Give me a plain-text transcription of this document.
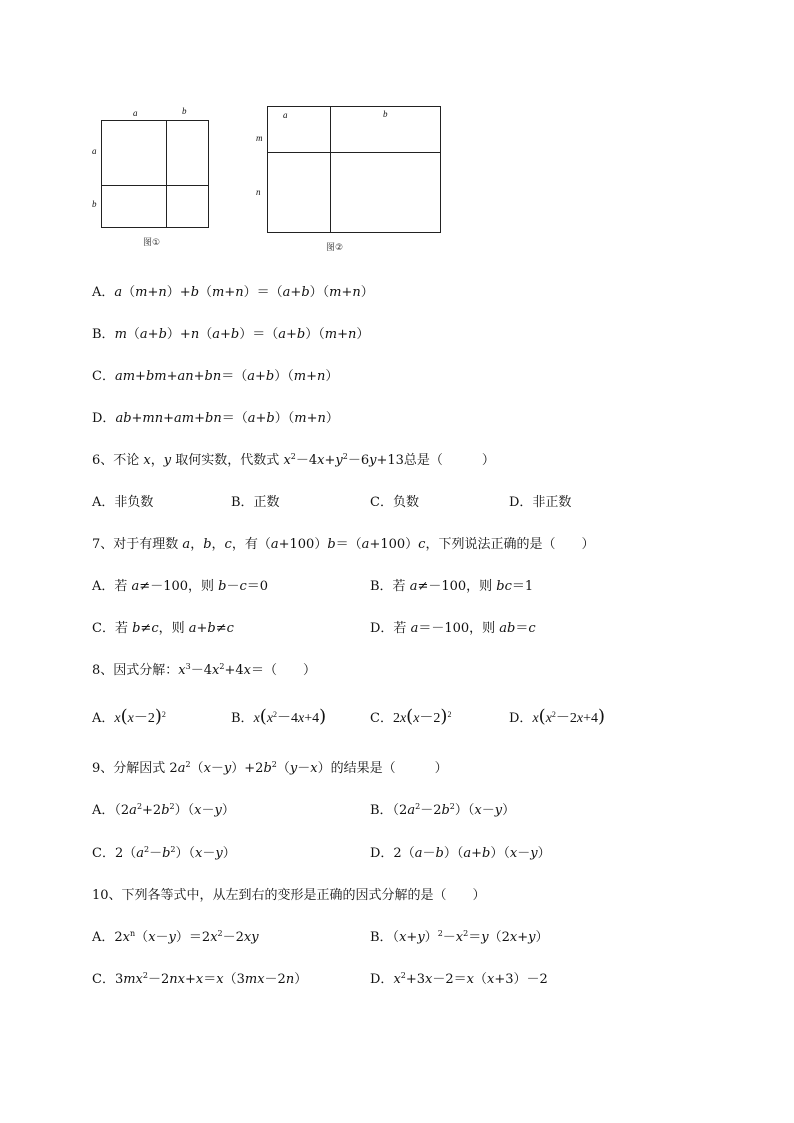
a	b
a
b
图①
a	b
m
n
图②
A．a（m+n）+b（m+n）＝（a+b）（m+n）
B．m（a+b）+n（a+b）＝（a+b）（m+n）
C．am+bm+an+bn＝（a+b）（m+n）
D．ab+mn+am+bn＝（a+b）（m+n）
6、不论 x，y 取何实数，代数式 $x^2-4x+y^2-6y+13$总是（　　　）
A．非负数	B．正数	C．负数	D．非正数
7、对于有理数 a，b，c，有（a+100）b＝（a+100）c，下列说法正确的是（　　）
A．若 a≠－100，则 b－c＝0	B．若 a≠－100，则 bc＝1
C．若 b≠c，则 a+b≠c	D．若 a＝－100，则 ab＝c
8、因式分解：$x^3-4x^2+4x=$（　　）
A．$x(x-2)^2$	B．$x(x^2-4x+4)$	C．$2x(x-2)^2$	D．$x(x^2-2x+4)$
9、分解因式 $2a^2(x-y)+2b^2(y-x)$的结果是（　　　）
A．$(2a^2+2b^2)(x-y)$	B．$(2a^2-2b^2)(x-y)$
C．$2(a^2-b^2)(x-y)$	D．2（a－b）（a+b）（x－y）
10、下列各等式中，从左到右的变形是正确的因式分解的是（　　）
A．$2x^n(x-y)=2x^2-2xy$	B．$(x+y)^2-x^2=y(2x+y)$
C．$3mx^2-2nx+x=x(3mx-2n)$	D．$x^2+3x-2=x(x+3)-2$
